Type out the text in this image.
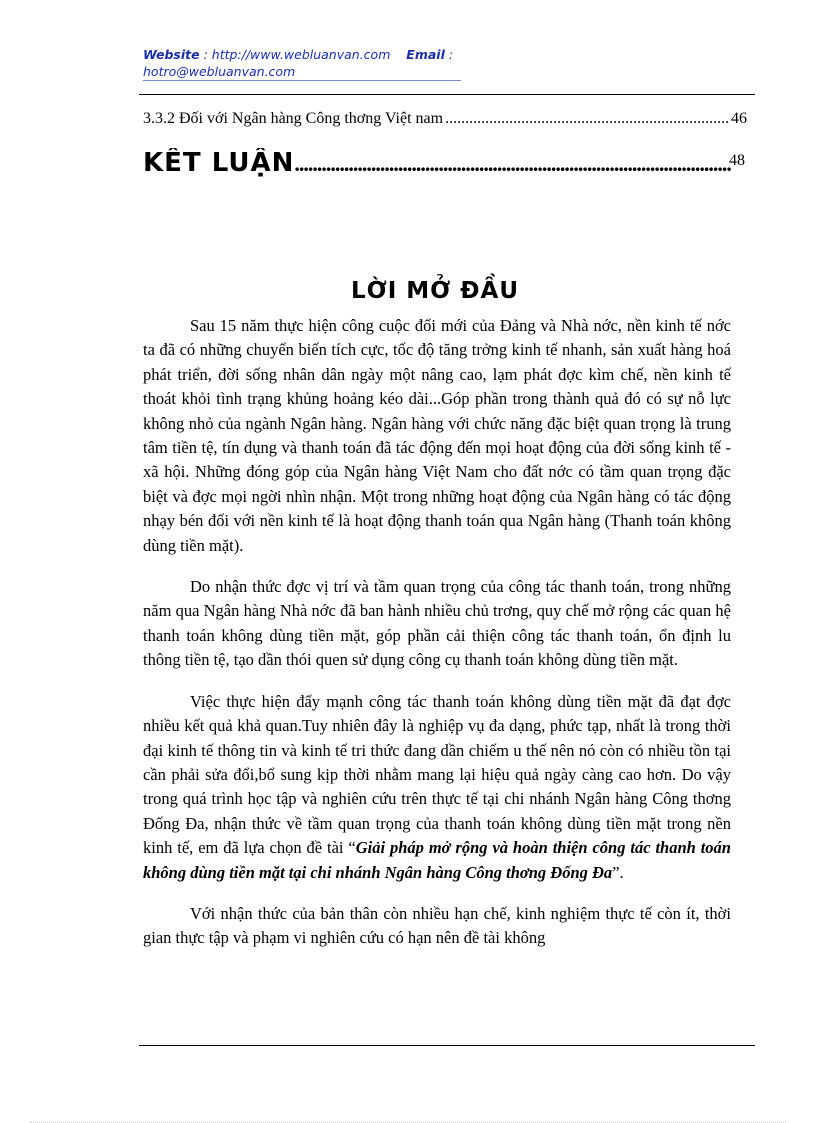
Website : http://www.webluanvan.com Email :
hotro@webluanvan.com
3.3.2 Đối với Ngân hàng Công thơng Việt nam .....	46
KẾT LUẬN .....	48
LỜI MỞ ĐẦU

Sau 15 năm thực hiện công cuộc đổi mới của Đảng và Nhà nớc, nền kinh tế nớc ta đã có những chuyển biến tích cực, tốc độ tăng trởng kinh tế nhanh, sản xuất hàng hoá phát triển, đời sống nhân dân ngày một nâng cao, lạm phát đợc kìm chế, nền kinh tế thoát khỏi tình trạng khủng hoảng kéo dài...Góp phần trong thành quả đó có sự nỗ lực không nhỏ của ngành Ngân hàng. Ngân hàng với chức năng đặc biệt quan trọng là trung tâm tiền tệ, tín dụng và thanh toán đã tác động đến mọi hoạt động của đời sống kinh tế - xã hội. Những đóng góp của Ngân hàng Việt Nam cho đất nớc có tầm quan trọng đặc biệt và đợc mọi ngời nhìn nhận. Một trong những hoạt động của Ngân hàng có tác động nhạy bén đối với nền kinh tế là hoạt động thanh toán qua Ngân hàng (Thanh toán không dùng tiền mặt).

Do nhận thức đợc vị trí và tầm quan trọng của công tác thanh toán, trong những năm qua Ngân hàng Nhà nớc đã ban hành nhiều chủ trơng, quy chế mở rộng các quan hệ thanh toán không dùng tiền mặt, góp phần cải thiện công tác thanh toán, ổn định lu thông tiền tệ, tạo dần thói quen sử dụng công cụ thanh toán không dùng tiền mặt.

Việc thực hiện đẩy mạnh công tác thanh toán không dùng tiền mặt đã đạt đợc nhiều kết quả khả quan.Tuy nhiên đây là nghiệp vụ đa dạng, phức tạp, nhất là trong thời đại kinh tế thông tin và kinh tế tri thức đang dần chiếm u thế nên nó còn có nhiều tồn tại cần phải sửa đổi,bổ sung kịp thời nhằm mang lại hiệu quả ngày càng cao hơn. Do vậy trong quá trình học tập và nghiên cứu trên thực tế tại chi nhánh Ngân hàng Công thơng Đống Đa, nhận thức về tầm quan trọng của thanh toán không dùng tiền mặt trong nền kinh tế, em đã lựa chọn đề tài “Giải pháp mở rộng và hoàn thiện công tác thanh toán không dùng tiền mặt tại chi nhánh Ngân hàng Công thơng Đống Đa”.

Với nhận thức của bản thân còn nhiều hạn chế, kinh nghiệm thực tế còn ít, thời gian thực tập và phạm vi nghiên cứu có hạn nên đề tài không
